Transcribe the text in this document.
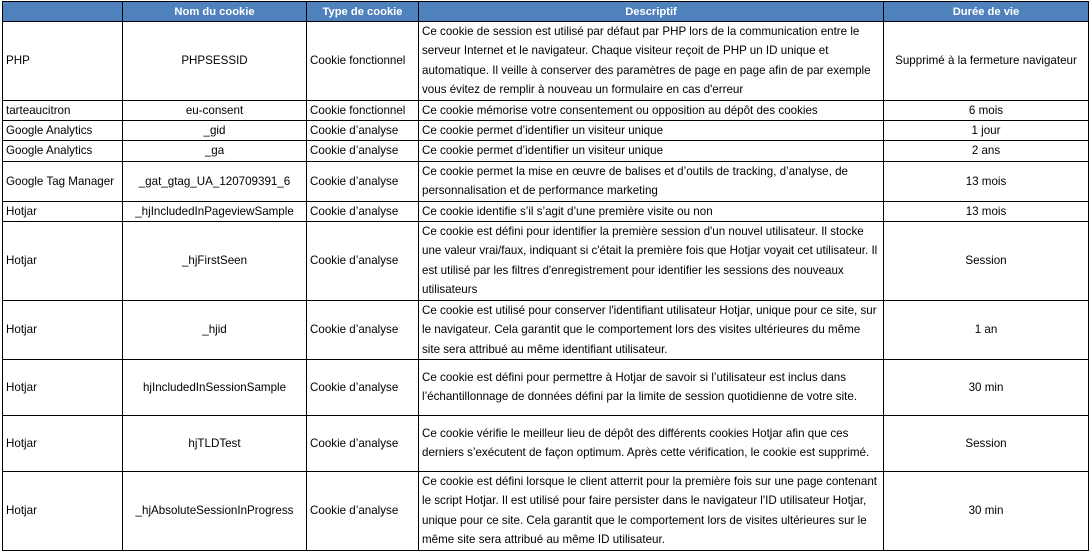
	Nom du cookie	Type de cookie	Descriptif	Durée de vie
PHP	PHPSESSID	Cookie fonctionnel	Ce cookie de session est utilisé par défaut par PHP lors de la communication entre le serveur Internet et le navigateur. Chaque visiteur reçoit de PHP un ID unique et automatique. Il veille à conserver des paramètres de page en page afin de par exemple vous évitez de remplir à nouveau un formulaire en cas d'erreur	Supprimé à la fermeture navigateur
tarteaucitron	eu-consent	Cookie fonctionnel	Ce cookie mémorise votre consentement ou opposition au dépôt des cookies	6 mois
Google Analytics	_gid	Cookie d’analyse	Ce cookie permet d’identifier un visiteur unique	1 jour
Google Analytics	_ga	Cookie d’analyse	Ce cookie permet d’identifier un visiteur unique	2 ans
Google Tag Manager	_gat_gtag_UA_120709391_6	Cookie d’analyse	Ce cookie permet la mise en œuvre de balises et d’outils de tracking, d’analyse, de personnalisation et de performance marketing	13 mois
Hotjar	_hjIncludedInPageviewSample	Cookie d’analyse	Ce cookie identifie s’il s’agit d’une première visite ou non	13 mois
Hotjar	_hjFirstSeen	Cookie d’analyse	Ce cookie est défini pour identifier la première session d'un nouvel utilisateur. Il stocke une valeur vrai/faux, indiquant si c'était la première fois que Hotjar voyait cet utilisateur. Il est utilisé par les filtres d'enregistrement pour identifier les sessions des nouveaux utilisateurs	Session
Hotjar	_hjid	Cookie d’analyse	Ce cookie est utilisé pour conserver l'identifiant utilisateur Hotjar, unique pour ce site, sur le navigateur. Cela garantit que le comportement lors des visites ultérieures du même site sera attribué au même identifiant utilisateur.	1 an
Hotjar	hjIncludedInSessionSample	Cookie d’analyse	Ce cookie est défini pour permettre à Hotjar de savoir si l’utilisateur est inclus dans l’échantillonnage de données défini par la limite de session quotidienne de votre site.	30 min
Hotjar	hjTLDTest	Cookie d’analyse	Ce cookie vérifie le meilleur lieu de dépôt des différents cookies Hotjar afin que ces derniers s’exécutent de façon optimum. Après cette vérification, le cookie est supprimé.	Session
Hotjar	_hjAbsoluteSessionInProgress	Cookie d’analyse	Ce cookie est défini lorsque le client atterrit pour la première fois sur une page contenant le script Hotjar. Il est utilisé pour faire persister dans le navigateur l'ID utilisateur Hotjar, unique pour ce site. Cela garantit que le comportement lors de visites ultérieures sur le même site sera attribué au même ID utilisateur.	30 min
